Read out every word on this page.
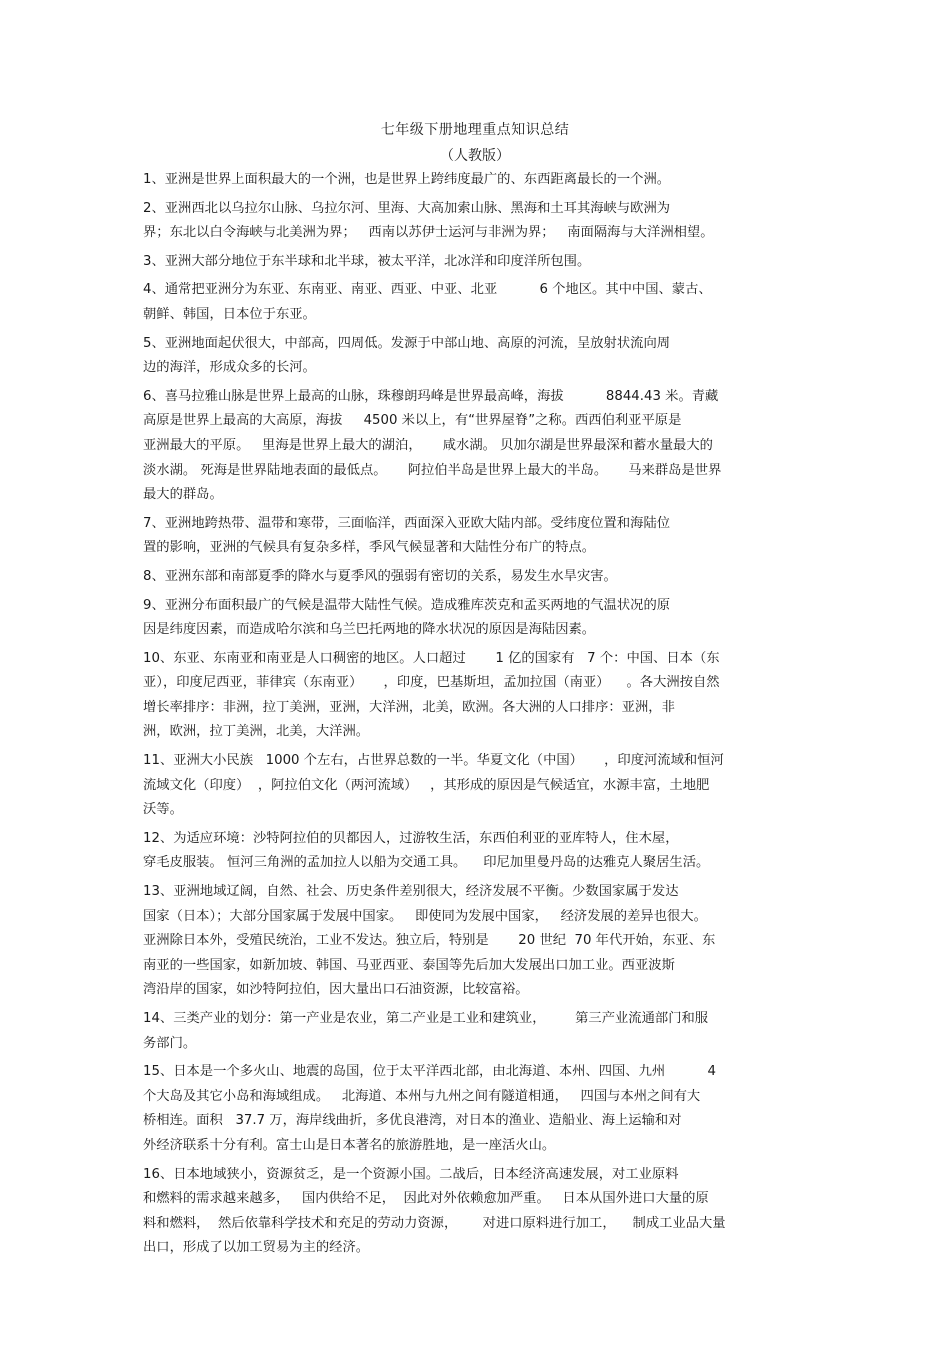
七年级下册地理重点知识总结
（人教版）
1、亚洲是世界上面积最大的一个洲，也是世界上跨纬度最广的、东西距离最长的一个洲。
2、亚洲西北以乌拉尔山脉、乌拉尔河、里海、大高加索山脉、黑海和土耳其海峡与欧洲为
界；东北以白令海峡与北美洲为界；   西南以苏伊士运河与非洲为界；   南面隔海与大洋洲相望。
3、亚洲大部分地位于东半球和北半球，被太平洋，北冰洋和印度洋所包围。
4、通常把亚洲分为东亚、东南亚、南亚、西亚、中亚、北亚          6 个地区。其中中国、蒙古、
朝鲜、韩国，日本位于东亚。
5、亚洲地面起伏很大，中部高，四周低。发源于中部山地、高原的河流，呈放射状流向周
边的海洋，形成众多的长河。
6、喜马拉雅山脉是世界上最高的山脉，珠穆朗玛峰是世界最高峰，海拔          8844.43 米。青藏
高原是世界上最高的大高原，海拔     4500 米以上，有“世界屋脊”之称。西西伯利亚平原是
亚洲最大的平原。   里海是世界上最大的湖泊，     咸水湖。 贝加尔湖是世界最深和蓄水量最大的
淡水湖。 死海是世界陆地表面的最低点。     阿拉伯半岛是世界上最大的半岛。     马来群岛是世界
最大的群岛。
7、亚洲地跨热带、温带和寒带，三面临洋，西面深入亚欧大陆内部。受纬度位置和海陆位
置的影响，亚洲的气候具有复杂多样，季风气候显著和大陆性分布广的特点。
8、亚洲东部和南部夏季的降水与夏季风的强弱有密切的关系，易发生水旱灾害。
9、亚洲分布面积最广的气候是温带大陆性气候。造成雅库茨克和孟买两地的气温状况的原
因是纬度因素，而造成哈尔滨和乌兰巴托两地的降水状况的原因是海陆因素。
10、东亚、东南亚和南亚是人口稠密的地区。人口超过       1 亿的国家有   7 个：中国、日本（东
亚），印度尼西亚，菲律宾（东南亚）     ，印度，巴基斯坦，孟加拉国（南亚）    。各大洲按自然
增长率排序：非洲，拉丁美洲，亚洲，大洋洲，北美，欧洲。各大洲的人口排序：亚洲，非
洲，欧洲，拉丁美洲，北美，大洋洲。
11、亚洲大小民族   1000 个左右，占世界总数的一半。华夏文化（中国）     ，印度河流域和恒河
流域文化（印度）  ，阿拉伯文化（两河流域）   ，其形成的原因是气候适宜，水源丰富，土地肥
沃等。
12、为适应环境：沙特阿拉伯的贝都因人，过游牧生活，东西伯利亚的亚库特人，住木屋，
穿毛皮服装。 恒河三角洲的孟加拉人以船为交通工具。    印尼加里曼丹岛的达雅克人聚居生活。
13、亚洲地域辽阔，自然、社会、历史条件差别很大，经济发展不平衡。少数国家属于发达
国家（日本）；大部分国家属于发展中国家。   即使同为发展中国家，   经济发展的差异也很大。
亚洲除日本外，受殖民统治，工业不发达。独立后，特别是       20 世纪  70 年代开始，东亚、东
南亚的一些国家，如新加坡、韩国、马亚西亚、泰国等先后加大发展出口加工业。西亚波斯
湾沿岸的国家，如沙特阿拉伯，因大量出口石油资源，比较富裕。
14、三类产业的划分：第一产业是农业，第二产业是工业和建筑业，       第三产业流通部门和服
务部门。
15、日本是一个多火山、地震的岛国，位于太平洋西北部，由北海道、本州、四国、九州          4
个大岛及其它小岛和海域组成。   北海道、本州与九州之间有隧道相通，   四国与本州之间有大
桥相连。面积   37.7 万，海岸线曲折，多优良港湾，对日本的渔业、造船业、海上运输和对
外经济联系十分有利。富士山是日本著名的旅游胜地，是一座活火山。
16、日本地域狭小，资源贫乏，是一个资源小国。二战后，日本经济高速发展，对工业原料
和燃料的需求越来越多，   国内供给不足，  因此对外依赖愈加严重。   日本从国外进口大量的原
料和燃料，  然后依靠科学技术和充足的劳动力资源，      对进口原料进行加工，    制成工业品大量
出口，形成了以加工贸易为主的经济。
